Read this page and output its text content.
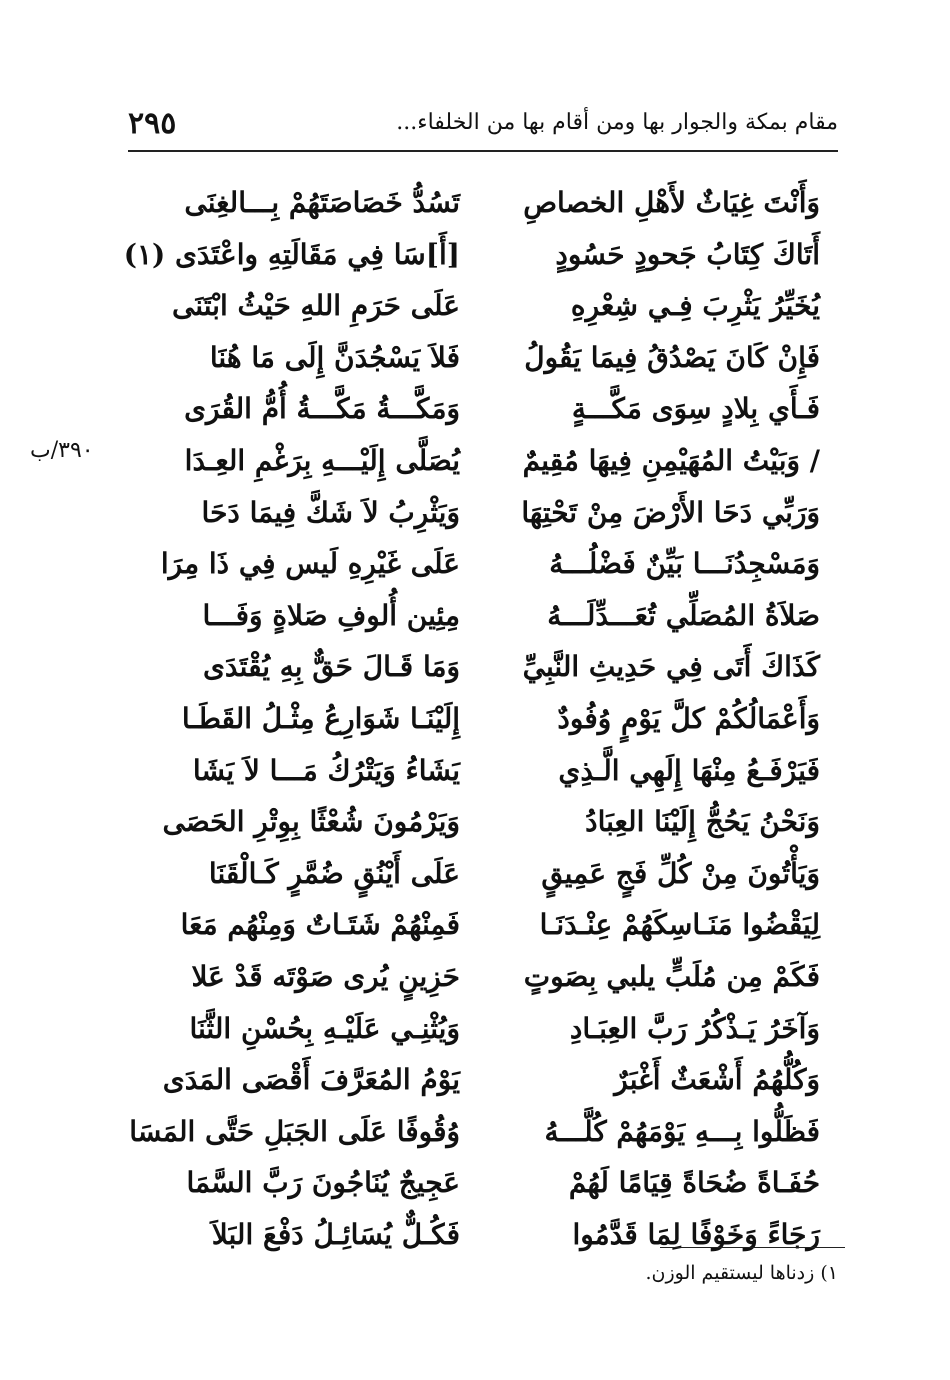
٢٩٥	مقام بمكة والجوار بها ومن أقام بها من الخلفاء...
٣٩٠/ب
وَأَنْتَ غِيَاثٌ لأَهْلِ الخصاصِ
تَسُدُّ خَصَاصَتَهُمْ بِـــالغِنَى
أَتَاكَ كِتَابُ جَحودٍ حَسُودٍ
[أَ]سَا فِي مَقَالَتِهِ واعْتَدَى (١)
يُخَيِّرُ يَثْرِبَ فِـي شِعْرِهِ
عَلَى حَرَمِ اللهِ حَيْثُ ابْتَنَى
فَإِنْ كَانَ يَصْدُقُ فِيمَا يَقُولُ
فَلاَ يَسْجُدَنَّ إِلَى مَا هُنَا
فَـأَي بِلادٍ سِوَى مَكَّـــةٍ
وَمَكَّـــةُ مَكَّـــةُ أُمُّ القُرَى
/ وَبَيْتُ المُهَيْمِنِ فِيهَا مُقِيمٌ
يُصَلَّى إِلَيْـــهِ بِرَغْمِ العِـدَا
وَرَبِّي دَحَا الأَرْضَ مِنْ تَحْتِهَا
وَيَثْرِبُ لاَ شَكَّ فِيمَا دَحَا
وَمَسْجِدُنَـــا بَيِّنٌ فَضْلُـــهُ
عَلَى غَيْرِهِ لَيس فِي ذَا مِرَا
صَلاَةُ المُصَلِّي تُعَـــدِّلَـــهُ
مِئِين أُلوفِ صَلاةٍ وَفَـــا
كَذَاكَ أَتَى فِي حَدِيثِ النَّبِيِّ
وَمَا قَـالَ حَقٌّ بِهِ يُقْتَدَى
وَأَعْمَالُكُمْ كلَّ يَوْمٍ وُفُودٌ
إِلَيْنَـا شَوَارِعُ مِثْـلُ القَطَـا
فَيَرْفَـعُ مِنْهَا إِلَهِي الَّـذِي
يَشَاءُ وَيَتْرُكُ مَـــا لاَ يَشَا
وَنَحْنُ يَحُجُّ إِلَيْنَا العِبَادُ
وَيَرْمُونَ شُعْثًا بِوِتْرِ الحَصَى
وَيَأْتُونَ مِنْ كُلِّ فَجٍ عَمِيقٍ
عَلَى أَيْنُقٍ ضُمَّرٍ كَـالْقَنَا
لِيَقْضُوا مَنَـاسِكَهُمْ عِنْـدَنَـا
فَمِنْهُمْ شَتَـاتٌ وَمِنْهُم مَعَا
فَكَمْ مِن مُلَبٍّ يلبي بِصَوتٍ
حَزِينٍ يُرى صَوْتَه قَدْ عَلا
وَآخَرُ يَـذْكُرُ رَبَّ العِبَـادِ
وَيُثْنِـي عَلَيْـهِ بِحُسْنِ الثَّنَا
وَكُلُّهُمُ أَشْعَثٌ أَغْبَرٌ
يَوْمُ المُعَرَّفَ أَقْصَى المَدَى
فَظَلُّوا بِـــهِ يَوْمَهُمْ كُلَّـــهُ
وُقُوفًا عَلَى الجَبَلِ حَتَّى المَسَا
حُفَـاةً ضُحَاةً قِيَامًا لَهُمْ
عَجِيجٌ يُنَاجُونَ رَبَّ السَّمَا
رَجَاءً وَخَوْفًا لِمَا قَدَّمُوا
فَكُـلٌّ يُسَائِـلُ دَفْعَ البَلاَ
١) زدناها ليستقيم الوزن.
